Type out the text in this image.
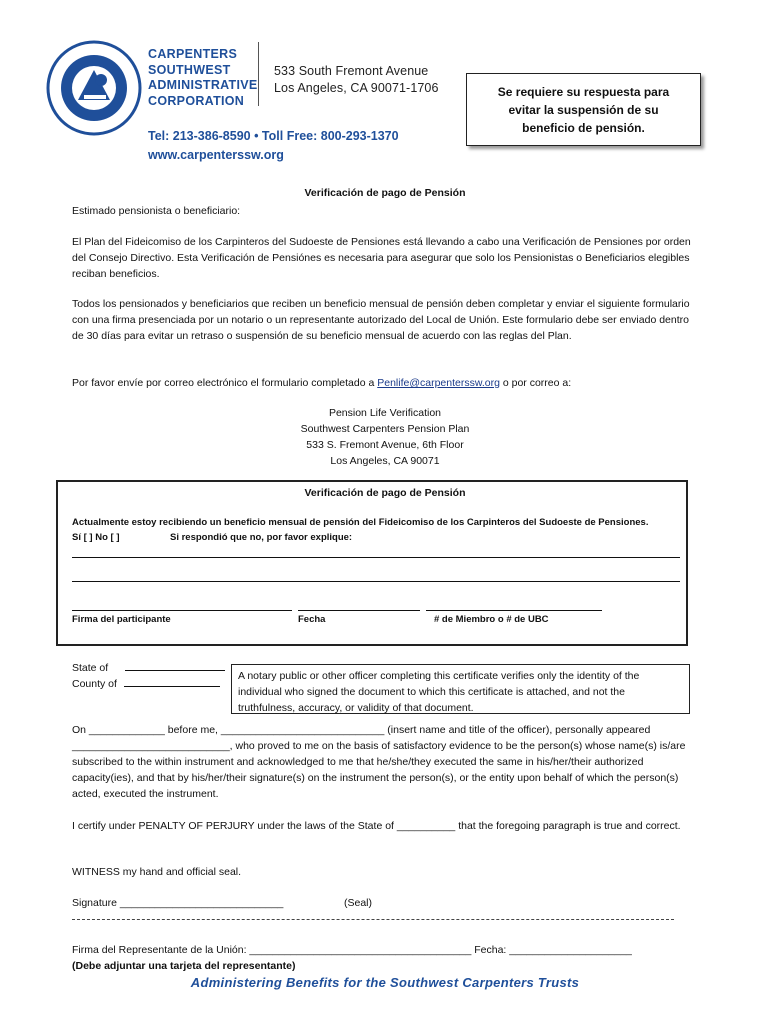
CARPENTERS
SOUTHWEST
ADMINISTRATIVE
CORPORATION
533 South Fremont Avenue
Los Angeles, CA 90071-1706
Tel: 213-386-8590 • Toll Free: 800-293-1370
www.carpenterssw.org
Se requiere su respuesta para evitar la suspensión de su beneficio de pensión.
Verificación de pago de Pensión
Estimado pensionista o beneficiario:
El Plan del Fideicomiso de los Carpinteros del Sudoeste de Pensiones está llevando a cabo una Verificación de Pensiones por orden del Consejo Directivo. Esta Verificación de Pensiónes es necesaria para asegurar que solo los Pensionistas o Beneficiarios elegibles reciban beneficios.
Todos los pensionados y beneficiarios que reciben un beneficio mensual de pensión deben completar y enviar el siguiente formulario con una firma presenciada por un notario o un representante autorizado del Local de Unión. Este formulario debe ser enviado dentro de 30 días para evitar un retraso o suspensión de su beneficio mensual de acuerdo con las reglas del Plan.
Por favor envíe por correo electrónico el formulario completado a Penlife@carpenterssw.org o por correo a:
Pension Life Verification
Southwest Carpenters Pension Plan
533 S. Fremont Avenue, 6th Floor
Los Angeles, CA 90071
Verificación de pago de Pensión
Actualmente estoy recibiendo un beneficio mensual de pensión del Fideicomiso de los Carpinteros del Sudoeste de Pensiones.
Sí [ ] No [ ]	Si respondió que no, por favor explique:
Firma del participante	Fecha	# de Miembro o # de UBC
State of
County of
A notary public or other officer completing this certificate verifies only the identity of the individual who signed the document to which this certificate is attached, and not the truthfulness, accuracy, or validity of that document.
On _____________ before me, ____________________________ (insert name and title of the officer), personally appeared ___________________________, who proved to me on the basis of satisfactory evidence to be the person(s) whose name(s) is/are subscribed to the within instrument and acknowledged to me that he/she/they executed the same in his/her/their authorized capacity(ies), and that by his/her/their signature(s) on the instrument the person(s), or the entity upon behalf of which the person(s) acted, executed the instrument.
I certify under PENALTY OF PERJURY under the laws of the State of __________ that the foregoing paragraph is true and correct.
WITNESS my hand and official seal.
Signature ____________________________	(Seal)
Firma del Representante de la Unión: ______________________________________ Fecha: _____________________
(Debe adjuntar una tarjeta del representante)
Administering Benefits for the Southwest Carpenters Trusts
